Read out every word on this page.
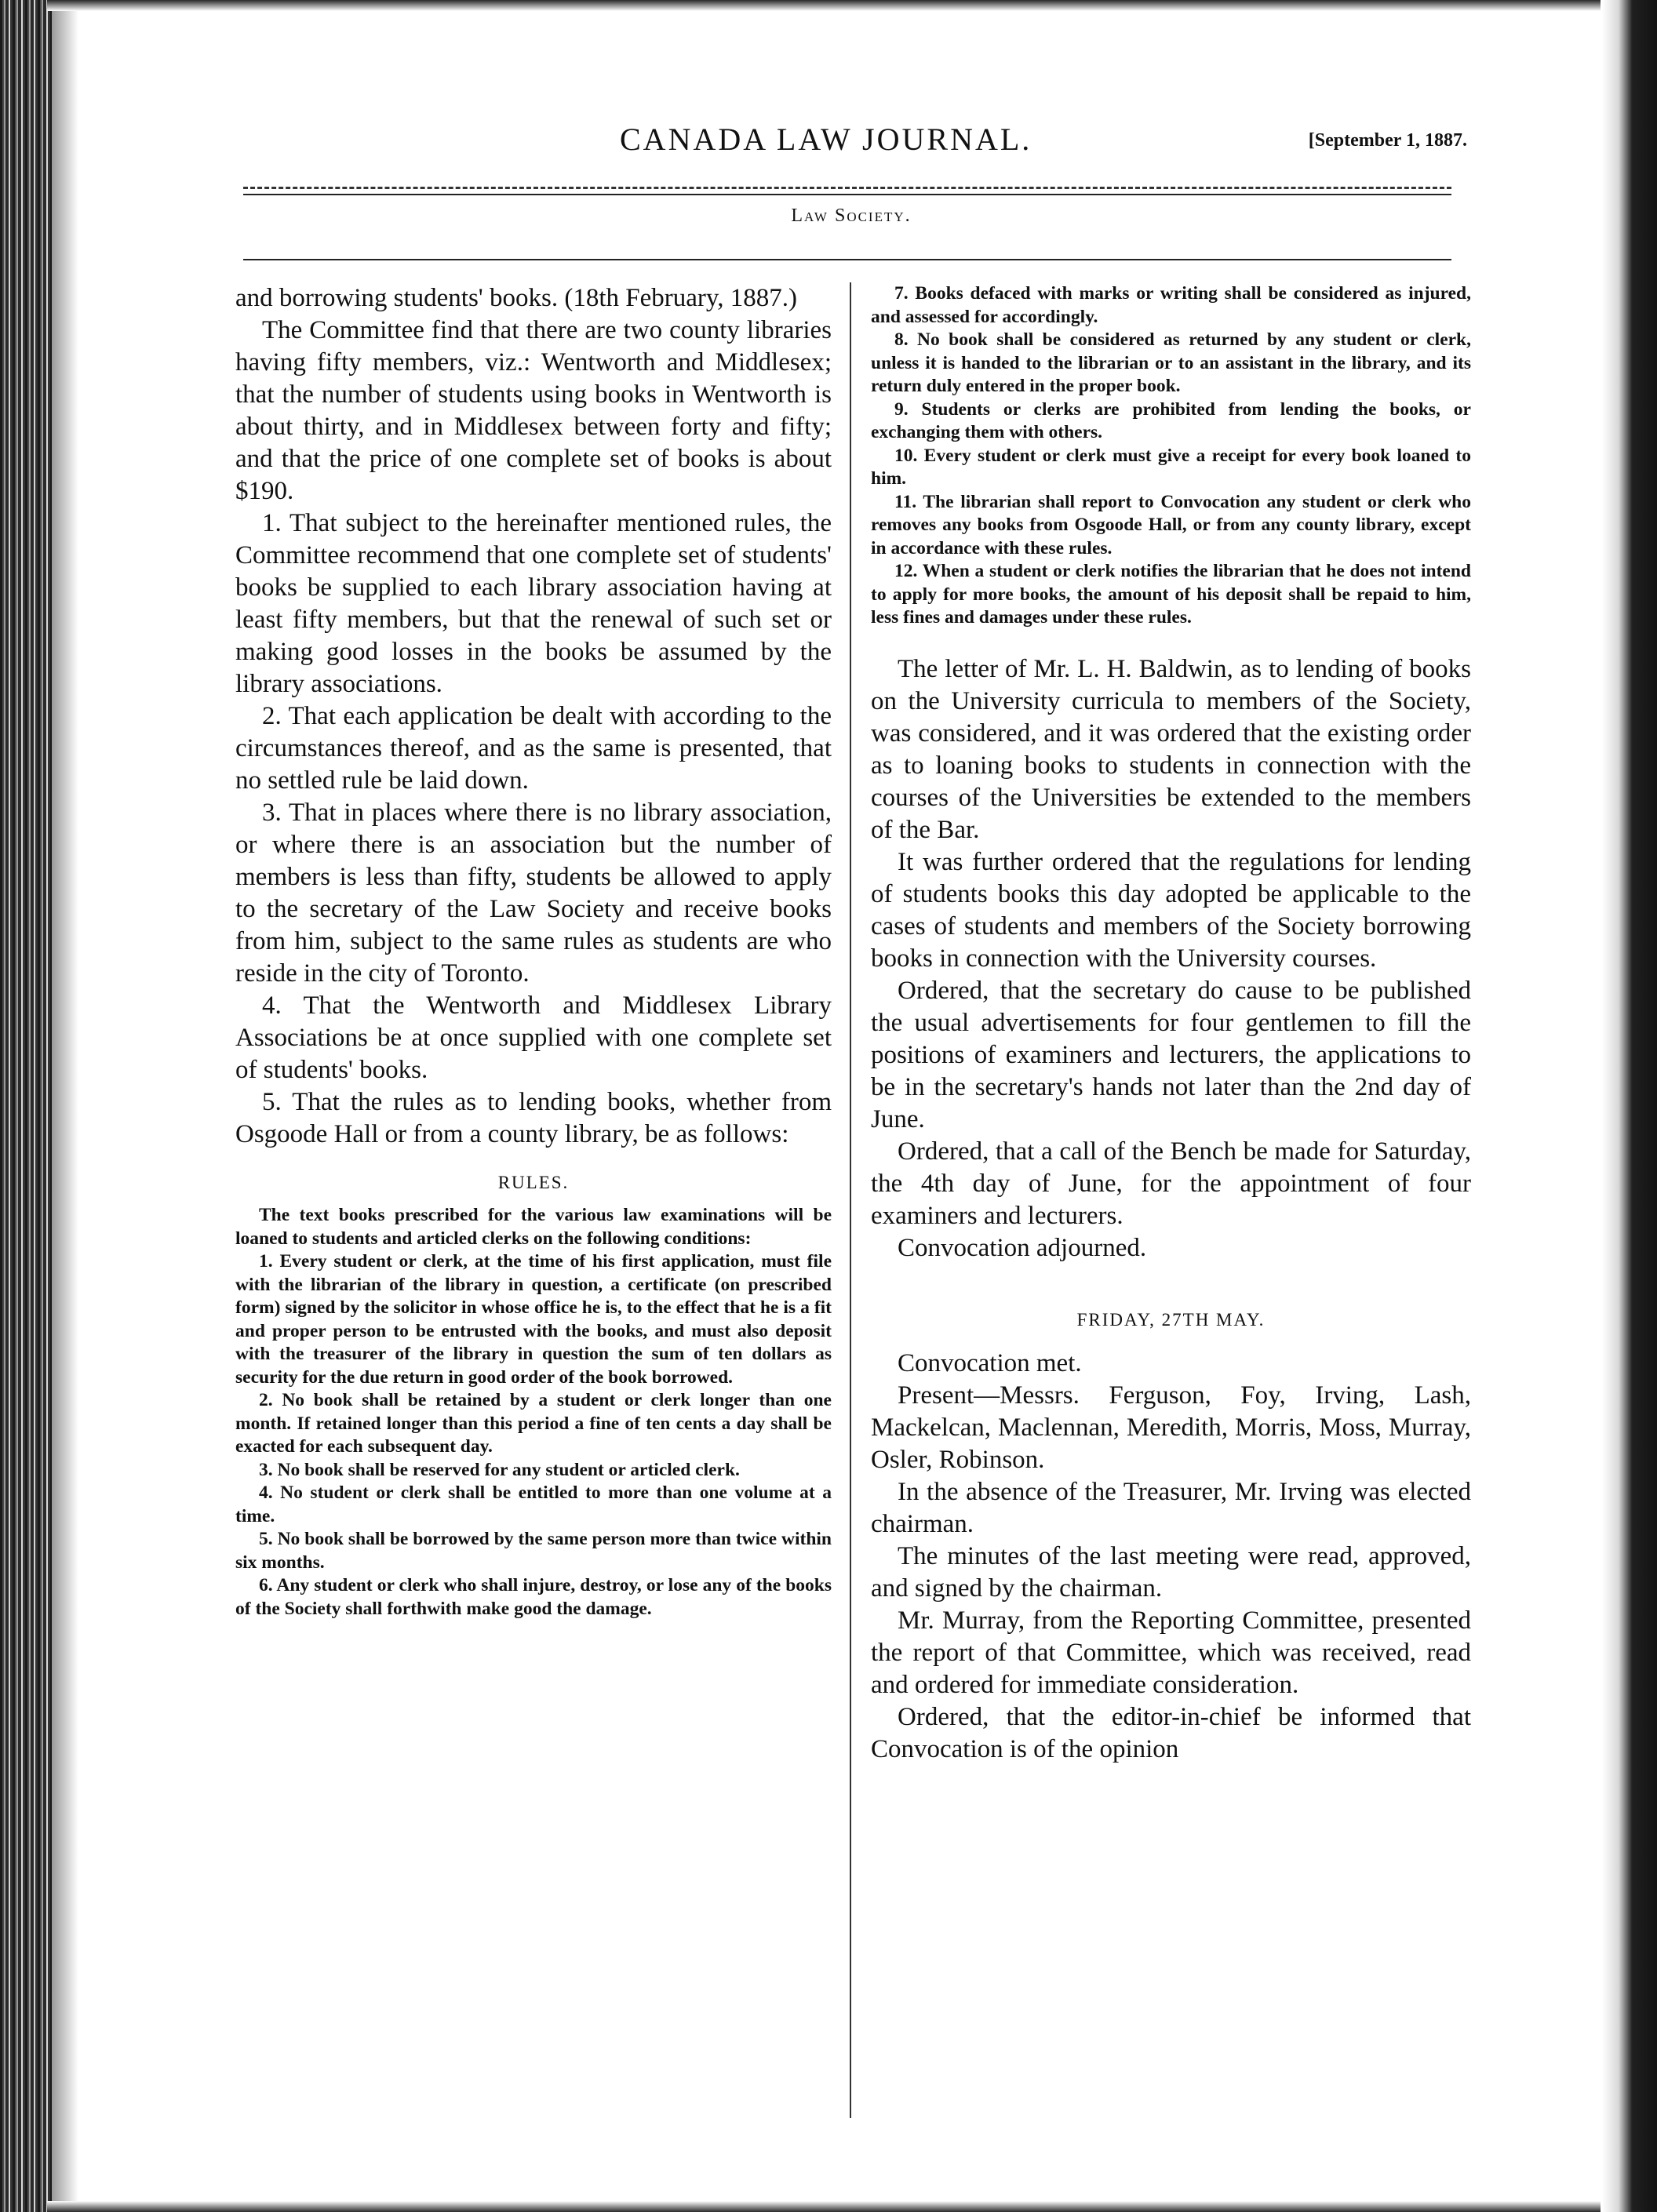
CANADA LAW JOURNAL.	[September 1, 1887.
Law Society.

and borrowing students' books. (18th February, 1887.)

The Committee find that there are two county libraries having fifty members, viz.: Wentworth and Middlesex; that the number of students using books in Wentworth is about thirty, and in Middlesex between forty and fifty; and that the price of one complete set of books is about $190.

1. That subject to the hereinafter mentioned rules, the Committee recommend that one complete set of students' books be supplied to each library association having at least fifty members, but that the renewal of such set or making good losses in the books be assumed by the library associations.

2. That each application be dealt with according to the circumstances thereof, and as the same is presented, that no settled rule be laid down.

3. That in places where there is no library association, or where there is an association but the number of members is less than fifty, students be allowed to apply to the secretary of the Law Society and receive books from him, subject to the same rules as students are who reside in the city of Toronto.

4. That the Wentworth and Middlesex Library Associations be at once supplied with one complete set of students' books.

5. That the rules as to lending books, whether from Osgoode Hall or from a county library, be as follows:

RULES.

The text books prescribed for the various law examinations will be loaned to students and articled clerks on the following conditions:

1. Every student or clerk, at the time of his first application, must file with the librarian of the library in question, a certificate (on prescribed form) signed by the solicitor in whose office he is, to the effect that he is a fit and proper person to be entrusted with the books, and must also deposit with the treasurer of the library in question the sum of ten dollars as security for the due return in good order of the book borrowed.

2. No book shall be retained by a student or clerk longer than one month. If retained longer than this period a fine of ten cents a day shall be exacted for each subsequent day.

3. No book shall be reserved for any student or articled clerk.

4. No student or clerk shall be entitled to more than one volume at a time.

5. No book shall be borrowed by the same person more than twice within six months.

6. Any student or clerk who shall injure, destroy, or lose any of the books of the Society shall forthwith make good the damage.

7. Books defaced with marks or writing shall be considered as injured, and assessed for accordingly.

8. No book shall be considered as returned by any student or clerk, unless it is handed to the librarian or to an assistant in the library, and its return duly entered in the proper book.

9. Students or clerks are prohibited from lending the books, or exchanging them with others.

10. Every student or clerk must give a receipt for every book loaned to him.

11. The librarian shall report to Convocation any student or clerk who removes any books from Osgoode Hall, or from any county library, except in accordance with these rules.

12. When a student or clerk notifies the librarian that he does not intend to apply for more books, the amount of his deposit shall be repaid to him, less fines and damages under these rules.

The letter of Mr. L. H. Baldwin, as to lending of books on the University curricula to members of the Society, was considered, and it was ordered that the existing order as to loaning books to students in connection with the courses of the Universities be extended to the members of the Bar.

It was further ordered that the regulations for lending of students books this day adopted be applicable to the cases of students and members of the Society borrowing books in connection with the University courses.

Ordered, that the secretary do cause to be published the usual advertisements for four gentlemen to fill the positions of examiners and lecturers, the applications to be in the secretary's hands not later than the 2nd day of June.

Ordered, that a call of the Bench be made for Saturday, the 4th day of June, for the appointment of four examiners and lecturers.

Convocation adjourned.

FRIDAY, 27TH MAY.

Convocation met.

Present—Messrs. Ferguson, Foy, Irving, Lash, Mackelcan, Maclennan, Meredith, Morris, Moss, Murray, Osler, Robinson.

In the absence of the Treasurer, Mr. Irving was elected chairman.

The minutes of the last meeting were read, approved, and signed by the chairman.

Mr. Murray, from the Reporting Committee, presented the report of that Committee, which was received, read and ordered for immediate consideration.

Ordered, that the editor-in-chief be informed that Convocation is of the opinion
